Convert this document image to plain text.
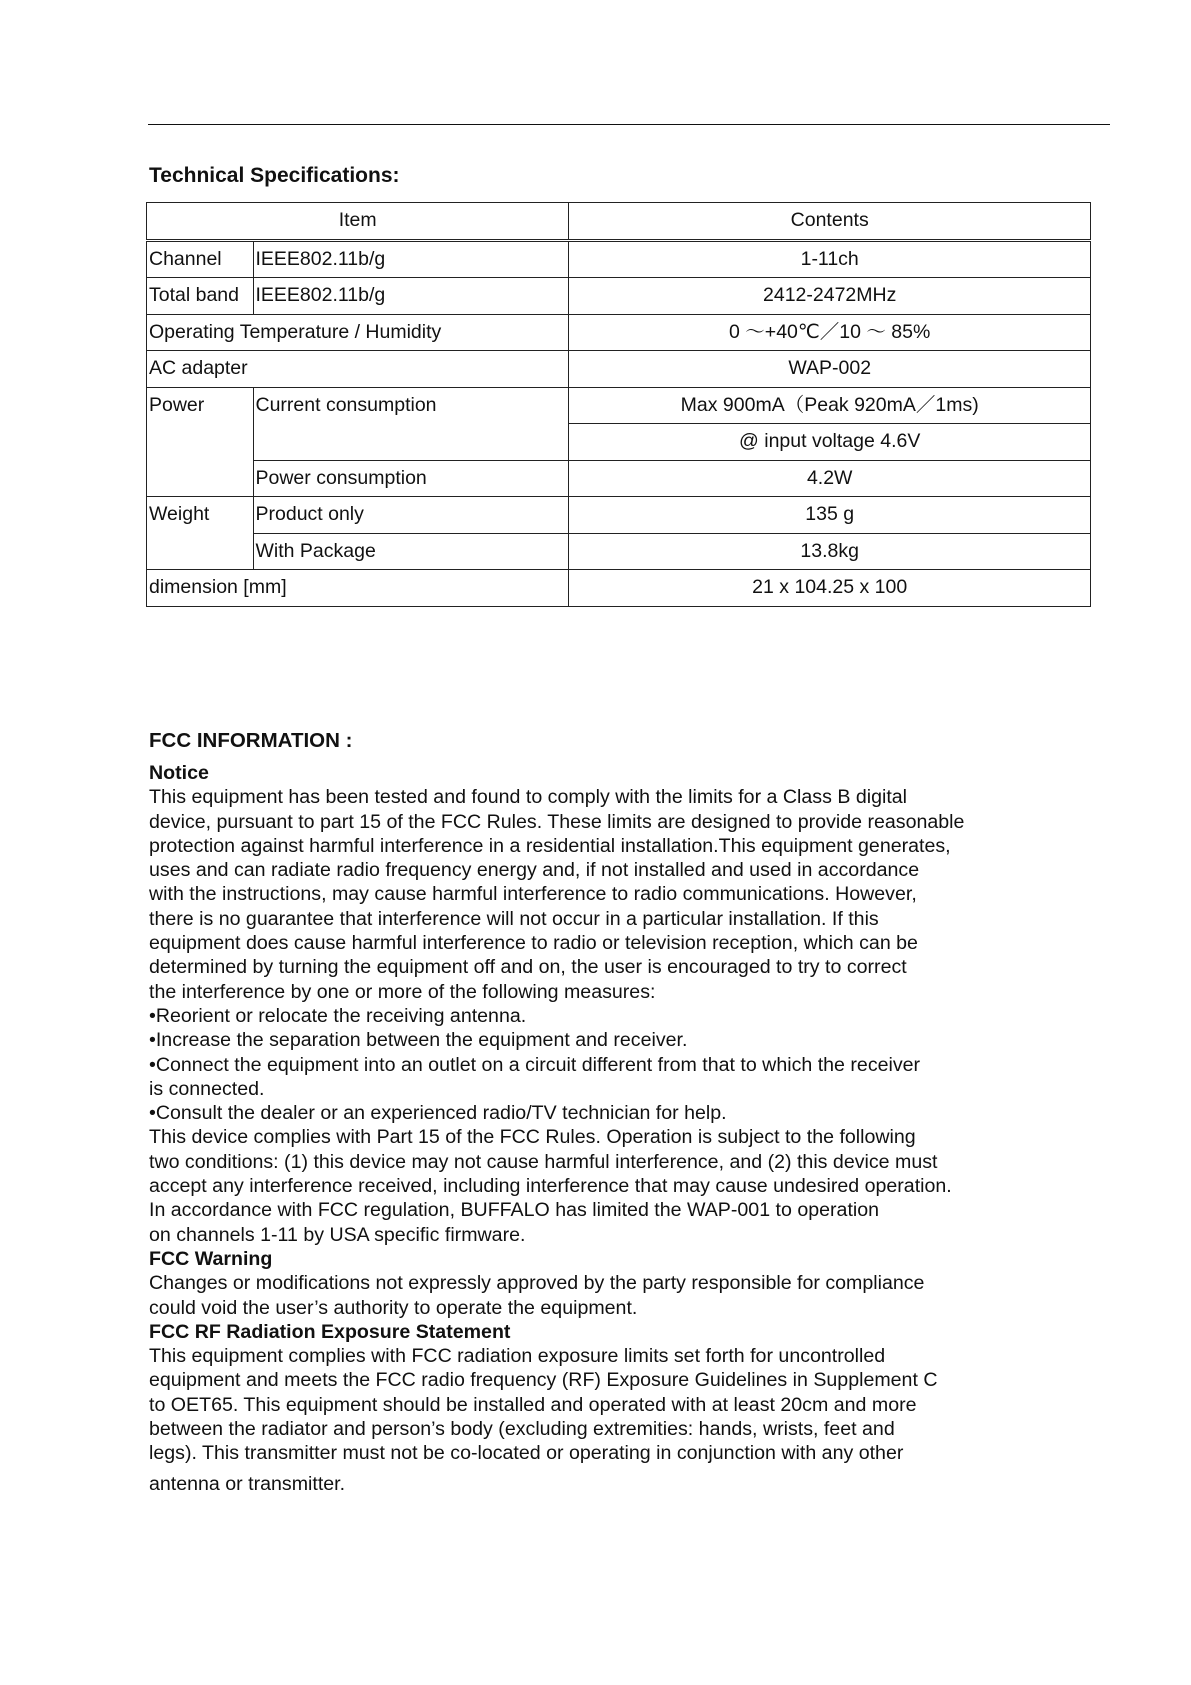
Technical Specifications:
Item		Contents
Channel	IEEE802.11b/g	1-11ch
Total band	IEEE802.11b/g	2412-2472MHz
Operating Temperature / Humidity		0 ～+40℃／10 ～ 85%
AC adapter		WAP-002
Power	Current consumption	Max 900mA（Peak 920mA／1ms)
		@ input voltage 4.6V
	Power consumption	4.2W
Weight	Product only	135 g
	With Package	13.8kg
dimension [mm]		21 x 104.25 x 100
FCC INFORMATION :
Notice

This equipment has been tested and found to comply with the limits for a Class B digital

device, pursuant to part 15 of the FCC Rules. These limits are designed to provide reasonable

protection against harmful interference in a residential installation.This equipment generates,

uses and can radiate radio frequency energy and, if not installed and used in accordance

with the instructions, may cause harmful interference to radio communications. However,

there is no guarantee that interference will not occur in a particular installation. If this

equipment does cause harmful interference to radio or television reception, which can be

determined by turning the equipment off and on, the user is encouraged to try to correct

the interference by one or more of the following measures:

•Reorient or relocate the receiving antenna.

•Increase the separation between the equipment and receiver.

•Connect the equipment into an outlet on a circuit different from that to which the receiver

is connected.

•Consult the dealer or an experienced radio/TV technician for help.

This device complies with Part 15 of the FCC Rules. Operation is subject to the following

two conditions: (1) this device may not cause harmful interference, and (2) this device must

accept any interference received, including interference that may cause undesired operation.

In accordance with FCC regulation, BUFFALO has limited the WAP-001 to operation

on channels 1-11 by USA specific firmware.

FCC Warning

Changes or modifications not expressly approved by the party responsible for compliance

could void the user’s authority to operate the equipment.

FCC RF Radiation Exposure Statement

This equipment complies with FCC radiation exposure limits set forth for uncontrolled

equipment and meets the FCC radio frequency (RF) Exposure Guidelines in Supplement C

to OET65. This equipment should be installed and operated with at least 20cm and more

between the radiator and person’s body (excluding extremities: hands, wrists, feet and

legs). This transmitter must not be co-located or operating in conjunction with any other

antenna or transmitter.
